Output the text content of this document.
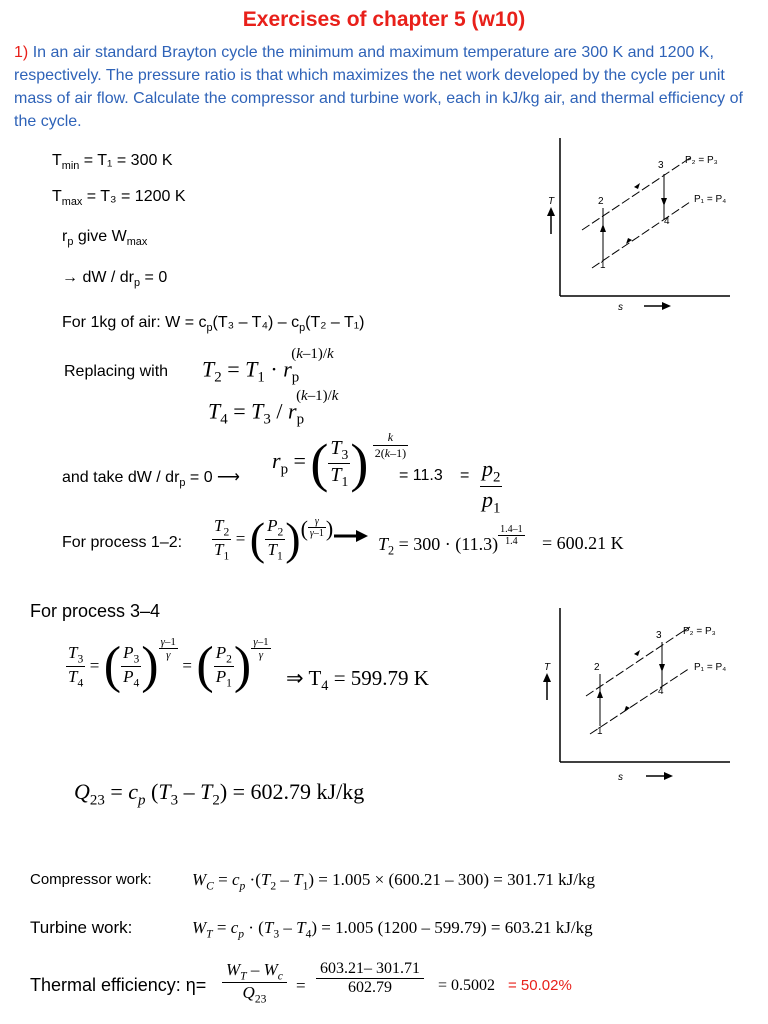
Exercises of chapter 5 (w10)
1) In an air standard Brayton cycle the minimum and maximum temperature are 300 K and 1200 K, respectively. The pressure ratio is that which maximizes the net work developed by the cycle per unit mass of air flow. Calculate the compressor and turbine work, each in kJ/kg air, and thermal efficiency of the cycle.
$T_{min} = T_1 = 300$ K
$T_{max} = T_3 = 1200$ K
$r_p$ give $W_{max}$
→ dW / $dr_p = 0$
For 1kg of air: $W = c_p(T_3 - T_4) - c_p(T_2 - T_1)$
Replacing with $T_2 = T_1 \cdot r_p^{(k-1)/k}$
$T_4 = T_3 / r_p^{(k-1)/k}$
and take dW / $dr_p = 0$ ⟶
$r_p$ = ( $\frac{T_3}{T_1}$ ) $\frac{k}{2(k-1)}$
= $11.3 = \frac{p_2}{p_1}$
For process 1–2: $\frac{T_2}{T_1}$ = ( $\frac{P_2}{T_1}$ )( $\frac{\gamma}{\gamma-1}$ )
$T_2 = 300 \cdot (11.3) \frac{1.4-1}{1.4} = 600.21$ K
For process 3–4
$\frac{T_3}{T_4}$ = ( $\frac{P_3}{P_4}$ ) $\frac{\gamma-1}{\gamma}$
= ( $\frac{P_2}{P_1}$ ) $\frac{\gamma-1}{\gamma}$
⇒ $T_4 = 599.79$ K
$Q_{23} = c_p$ $(T_3 - T_2) = 602.79$ kJ/kg
Compressor work: $W_C = c_p \cdot(T_2 - T_1) = 1.005 \times (600.21 - 300) = 301.71$ kJ/kg
Turbine work:	$W_T = c_p \cdot (T_3 - T_4) = 1.005$ (1200 – 599.79) = 603.21 kJ/kg
Thermal efficiency: $\eta= \frac{W_T - W_c}{Q_{23}} = \frac{603.21- 301.71}{602.79} = 0.5002 = 50.02\%$
T
s
2
3
4
1
P₂ = P₃
P₁ = P₄
T
s
2
3
4
1
P₂ = P₃
P₁ = P₄
